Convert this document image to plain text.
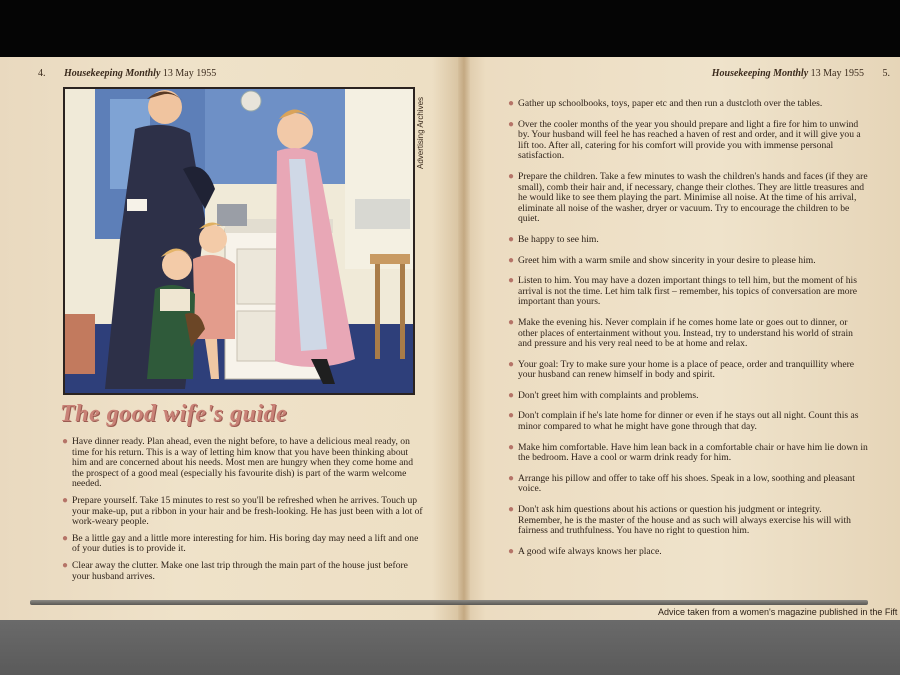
4. Housekeeping Monthly 13 May 1955	Housekeeping Monthly 13 May 1955 5.
Advertising Archives
The good wife's guide
● Have dinner ready. Plan ahead, even the night before, to have a delicious meal ready, on time for his return. This is a way of letting him know that you have been thinking about him and are concerned about his needs. Most men are hungry when they come home and the prospect of a good meal (especially his favourite dish) is part of the warm welcome needed.
● Prepare yourself. Take 15 minutes to rest so you'll be refreshed when he arrives. Touch up your make-up, put a ribbon in your hair and be fresh-looking. He has just been with a lot of work-weary people.
● Be a little gay and a little more interesting for him. His boring day may need a lift and one of your duties is to provide it.
● Clear away the clutter. Make one last trip through the main part of the house just before your husband arrives.
● Gather up schoolbooks, toys, paper etc and then run a dustcloth over the tables.
● Over the cooler months of the year you should prepare and light a fire for him to unwind by. Your husband will feel he has reached a haven of rest and order, and it will give you a lift too. After all, catering for his comfort will provide you with immense personal satisfaction.
● Prepare the children. Take a few minutes to wash the children's hands and faces (if they are small), comb their hair and, if necessary, change their clothes. They are little treasures and he would like to see them playing the part. Minimise all noise. At the time of his arrival, eliminate all noise of the washer, dryer or vacuum. Try to encourage the children to be quiet.
● Be happy to see him.
● Greet him with a warm smile and show sincerity in your desire to please him.
● Listen to him. You may have a dozen important things to tell him, but the moment of his arrival is not the time. Let him talk first – remember, his topics of conversation are more important than yours.
● Make the evening his. Never complain if he comes home late or goes out to dinner, or other places of entertainment without you. Instead, try to understand his world of strain and pressure and his very real need to be at home and relax.
● Your goal: Try to make sure your home is a place of peace, order and tranquillity where your husband can renew himself in body and spirit.
● Don't greet him with complaints and problems.
● Don't complain if he's late home for dinner or even if he stays out all night. Count this as minor compared to what he might have gone through that day.
● Make him comfortable. Have him lean back in a comfortable chair or have him lie down in the bedroom. Have a cool or warm drink ready for him.
● Arrange his pillow and offer to take off his shoes. Speak in a low, soothing and pleasant voice.
● Don't ask him questions about his actions or question his judgment or integrity. Remember, he is the master of the house and as such will always exercise his will with fairness and truthfulness. You have no right to question him.
● A good wife always knows her place.
Advice taken from a women's magazine published in the Fift
